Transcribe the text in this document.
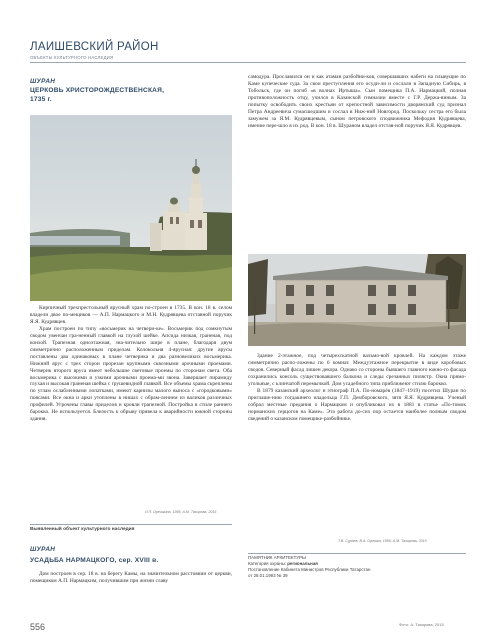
ЛАИШЕВСКИЙ РАЙОН
ОБЪЕКТЫ КУЛЬТУРНОГО НАСЛЕДИЯ
ШУРАН
ЦЕРКОВЬ ХРИСТОРОЖДЕСТВЕНСКАЯ,
1735 г.

самодура. Прославился он и как атаман разбойни-ков, совершавших набеги на плывущие по Каме купеческие суда. За свои преступления его осуди-ли и сослали в Западную Сибирь, в Тобольск, где он погиб «в волнах Иртыша». Сын помещика П.А. Нармацкий, полная противоположность отцу, учился в Казанской гимназии вместе с Г.Р. Держа-виным. За попытку освободить своих крестьян от крепостной зависимости дворянский суд признал Петра Андреевича сумасшедшим и сослал в Ниж-ний Новгород. Поскольку сестра его была замужем за Я.М. Кудрявцевым, сыном петровского сподвижника Мефодия Кудрявцева, имение пере-шло в их род. В кон. 18 в. Шураном владел отстав-ной поручик Я.Я. Кудрявцев.

Кирпичный трехпрестольный ярусный храм по-строен в 1735. В кон. 18 в. селом владели двое по-мещиков — А.П. Нармацкого и М.Н. Кудрявцева отставной поручик Я.Я. Кудрявцев.

Храм построен по типу «восьмерик на четвери-ке». Восьмерик под сомкнутым сводом увенчан гра-ненный главкой на глухой шейке. Апсида низкая, граненая, под конхой. Трапезная одноэтажная, зна-чительно шире в плане, благодаря двум симметрично расположенным приделам. Колокольня 4-ярусная: другие ярусы поставлены два одинаковых в плане четверика и два разновеликих восьмерика. Нижний ярус с трех сторон прорезан крупными сквозными арочными проемами. Четверик второго яруса имеет небольшие световые проемы по сторонам света. Оба восьмерика с высокими и узкими арочными проема-ми звона. Завершает пирамиду глухая и высокая граненая шейка с грушевидной главкой. Все объемы храма скреплены по углам ослабленными лопатками, имеют карнизы малого выноса с «городковыми» поясами. Все окна и арки утоплены в нишах с обрам-лением из валиков различных профилей. Угрочены главы приделов и кровли трапезной. Постройка в стиле раннего барокко. Не используется. Близость к обрыву привела к аварийности южной стороны здания.

Л.П. Орешкина, 1995; А.М. Тазирова, 2015
Выявленный объект культурного наследия
ШУРАН
УСАДЬБА НАРМАЦКОГО, сер. XVIII в.

Дом построен в сер. 18 в. на берегу Камы, на значительном расстоянии от церкви, помещиком А.П. Нармацким, получившим при жизни славу

Здание 2-этажное, под четырехскатной вальмо-вой кровлей. На каждом этаже симметрично распо-ложены по 6 комнат. Междуэтажное перекрытие в виде коробовых сводов. Северный фасад лишен декора. Однако со стороны бывшего главного южно-го фасада сохранились консоль существовавшего балкона и следы срезанных пилястр. Окна прямо-угольные, с клинчатой перемычкой. Дом усадебного типа приближеют стилю барокко.

В 1879 казанский археолог и этнограф П.А. По-номарёв (1847–1919) посетил Шуран по приглаше-нию тогдашнего владельца Г.П. Демборовского, зятя Я.Я. Кудрявцева. Ученый собрал местные предания о Нармацком и опубликовал их в 1881 в статье «По-томок норманских герцогов на Каме». Эта работа до-сих пор остается наиболее полным сводом сведений о казанском помещике-разбойнике.

Т.В. Сураев, В.А. Орешка, 1995; А.М. Тазирова, 2015
ПАМЯТНИК АРХИТЕКТУРЫ
Категория охраны: региональная
Постановление Кабинета Министров Республики Татарстан
от 28.01.1993 № 39
556	Фото: А. Тазирова, 2015
